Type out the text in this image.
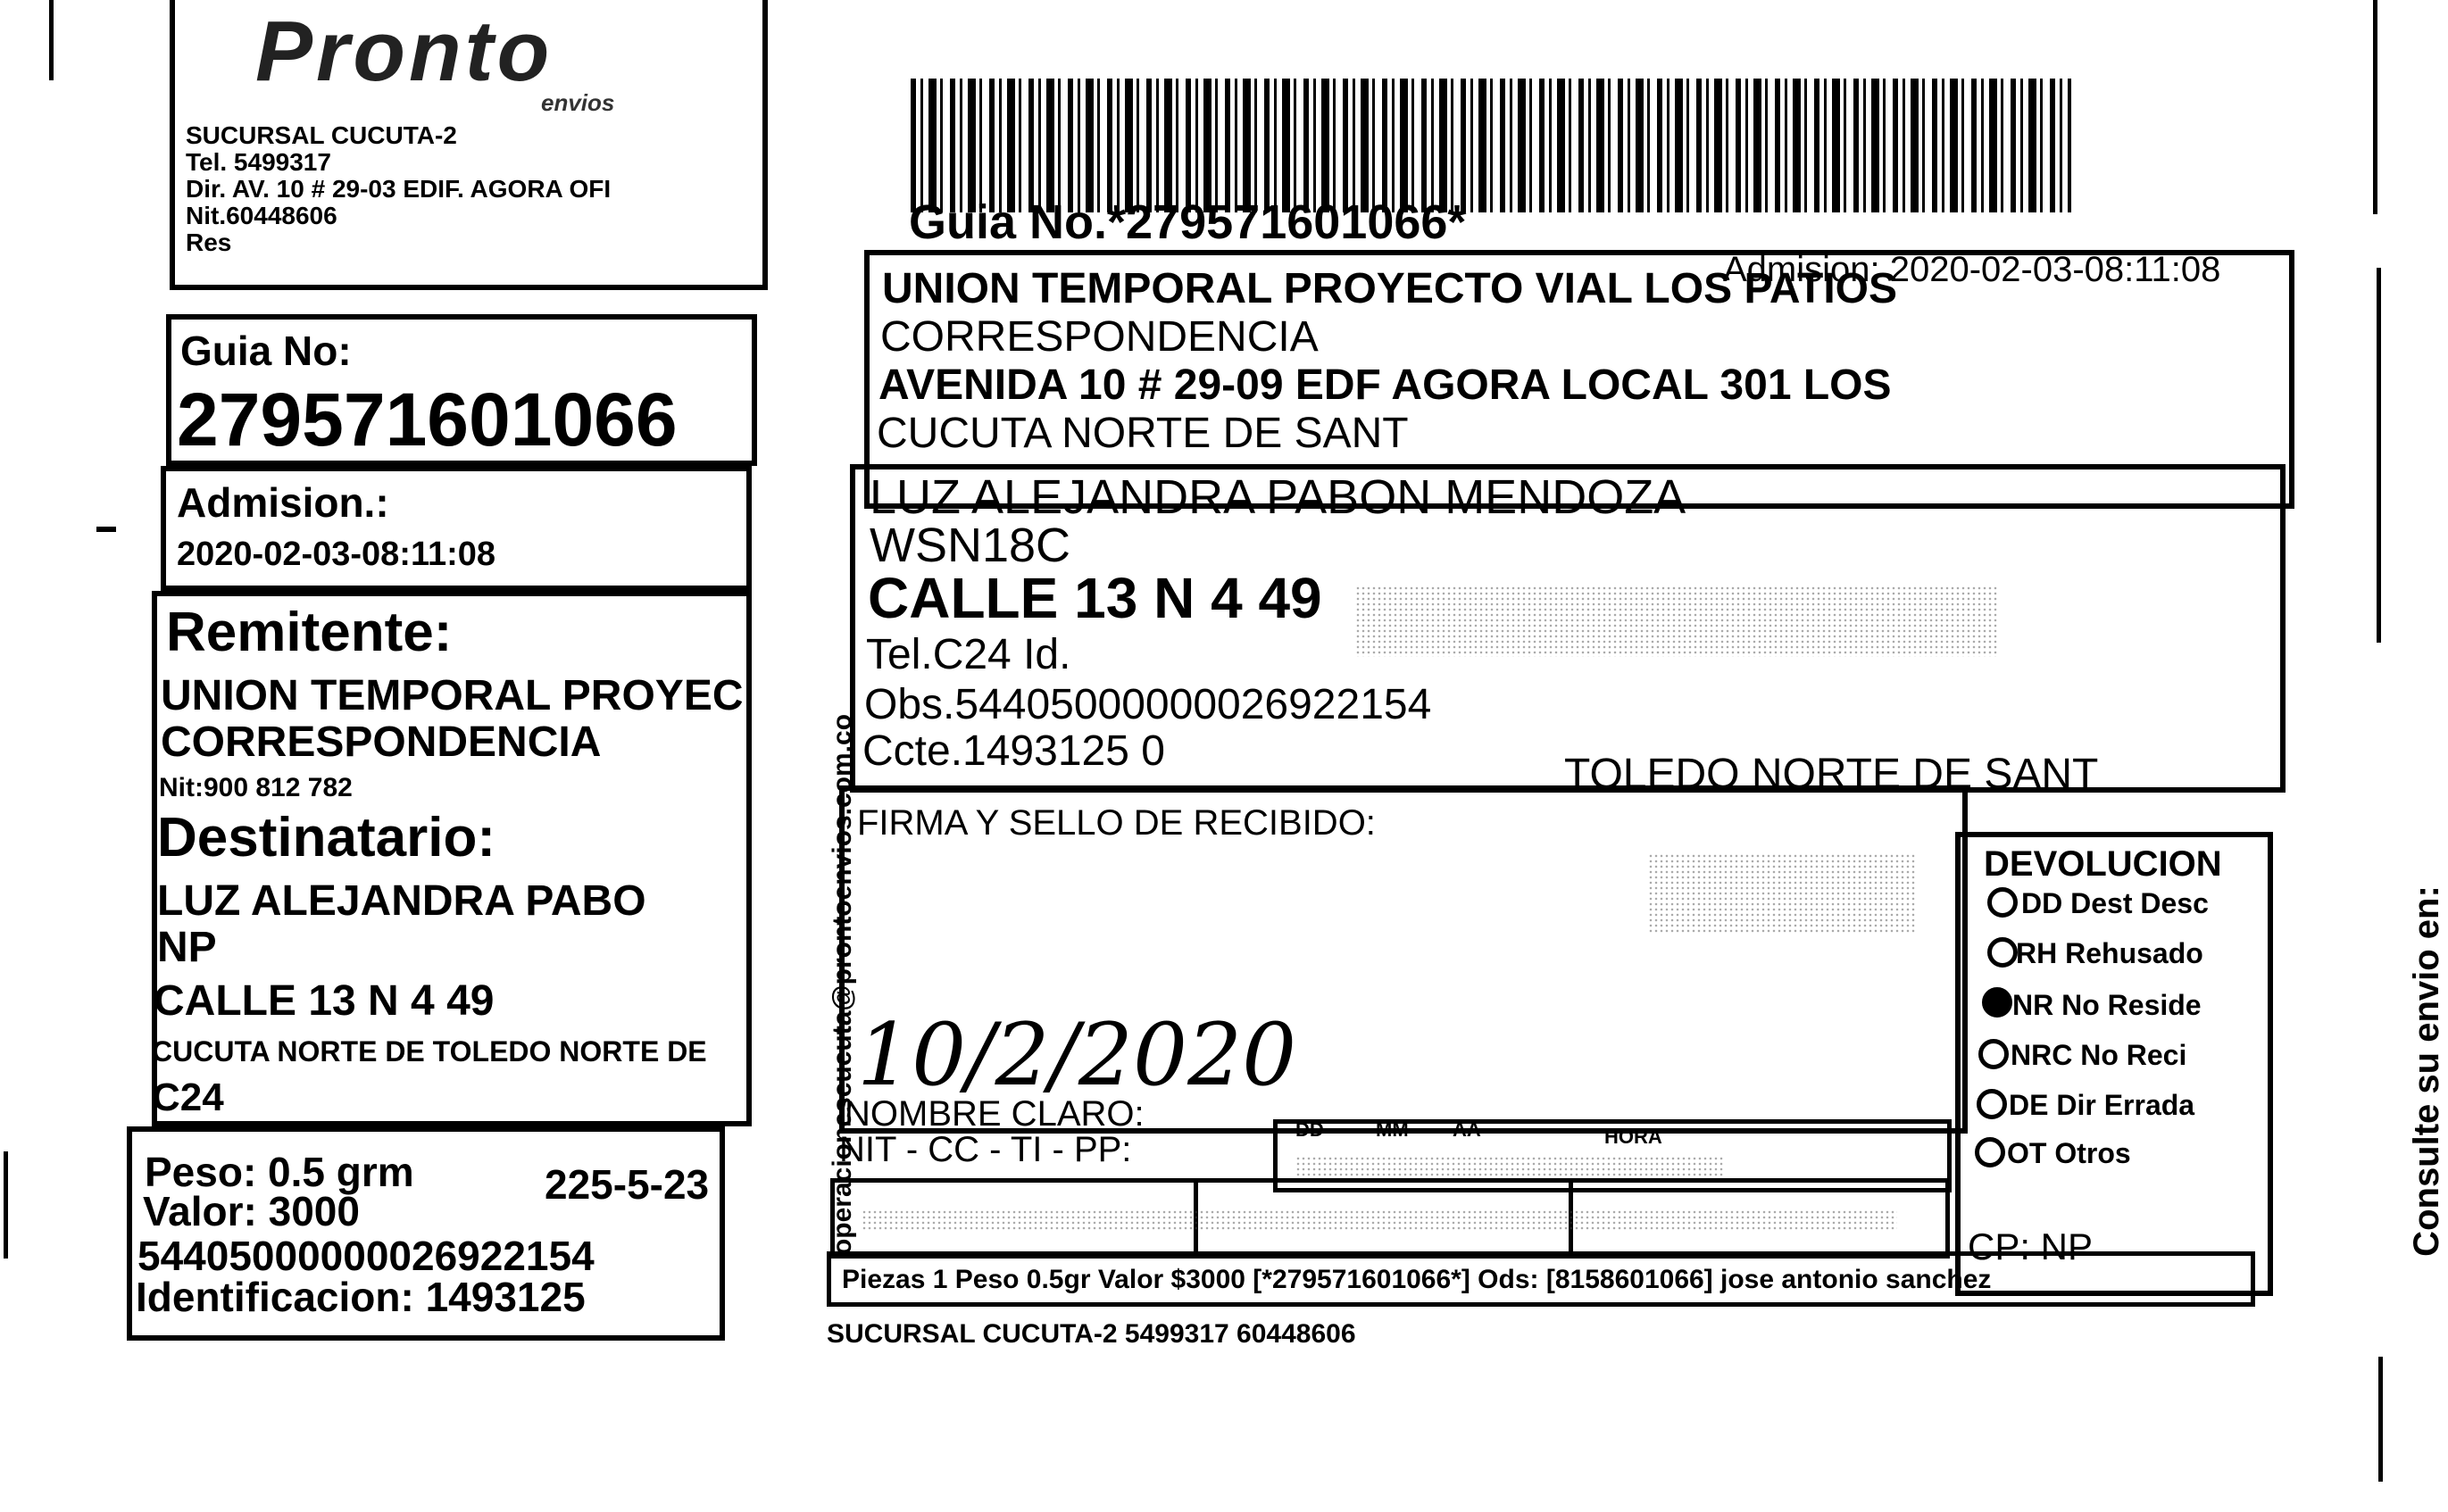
Pronto
envios
SUCURSAL CUCUTA-2
Tel. 5499317
Dir. AV. 10 # 29-03 EDIF. AGORA OFI
Nit.60448606
Res
Guia No:
279571601066
Admision.:
2020-02-03-08:11:08
Remitente:
UNION TEMPORAL PROYEC
CORRESPONDENCIA
Nit:900 812 782
Destinatario:
LUZ ALEJANDRA PABO
NP
CALLE 13 N 4 49
CUCUTA NORTE DE TOLEDO NORTE DE
C24
Peso: 0.5 grm	225-5-23
Valor: 3000
54405000000026922154
Identificacion: 1493125
Guia No.*279571601066*
Admision: 2020-02-03-08:11:08
UNION TEMPORAL PROYECTO VIAL LOS PATIOS
CORRESPONDENCIA
AVENIDA 10 # 29-09 EDF AGORA LOCAL 301 LOS
CUCUTA NORTE DE SANT
LUZ ALEJANDRA PABON MENDOZA
WSN18C
CALLE 13 N 4 49
Tel.C24 Id.
Obs.54405000000026922154
Ccte.1493125 0	TOLEDO NORTE DE SANT
FIRMA Y SELLO DE RECIBIDO:
10/2/2020
NOMBRE CLARO:
NIT - CC - TI - PP:
DD	MM AA	HORA
DEVOLUCION
DD Dest Desc
RH Rehusado
NR No Reside
NRC No Reci
DE Dir Errada
OT Otros
CP: NP
Piezas 1 Peso 0.5gr Valor $3000 [*279571601066*] Ods: [8158601066] jose antonio sanchez
SUCURSAL CUCUTA-2 5499317 60448606
operacionescucuta@prontoenvios.com.co	Consulte su envio en:
